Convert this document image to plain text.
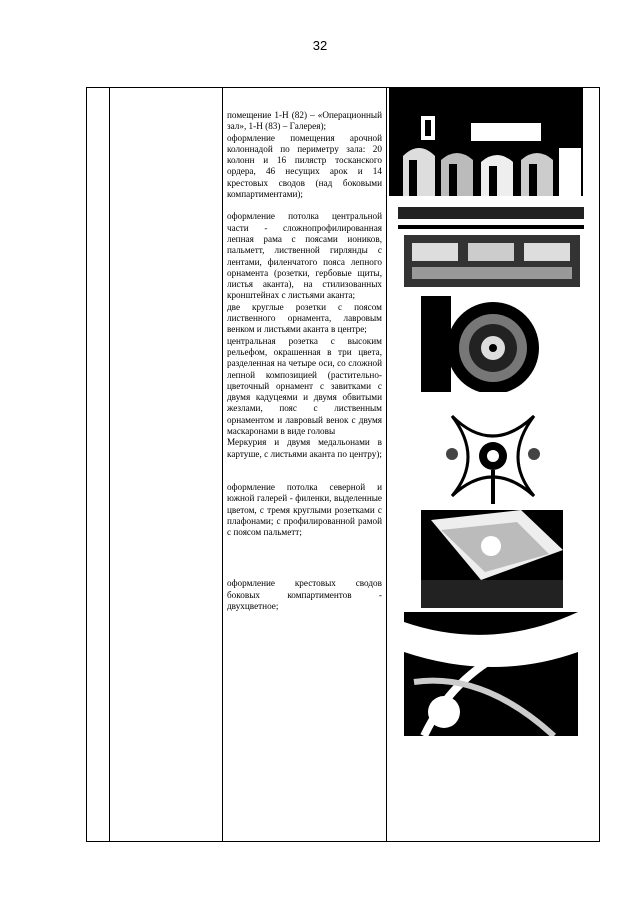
32

помещение 1-Н (82) – «Операционный зал», 1-Н (83) – Галерея);

оформление помещения арочной колоннадой по периметру зала: 20 колонн и 16 пилястр тосканского ордера, 46 несущих арок и 14 крестовых сводов (над боковыми компартиментами);

оформление потолка центральной части - сложнопрофилированная лепная рама с поясами иоников, пальметт, лиственной гирлянды с лентами, филенчатого пояса лепного орнамента (розетки, гербовые щиты, листья аканта), на стилизованных кронштейнах с листьями аканта;

две круглые розетки с поясом лиственного орнамента, лавровым венком и листьями аканта в центре;

центральная розетка с высоким рельефом, окрашенная в три цвета, разделенная на четыре оси, со сложной лепной композицией (растительно-цветочный орнамент с завитками с двумя кадуцеями и двумя обвитыми жезлами, пояс с лиственным орнаментом и лавровый венок с двумя маскаронами в виде головы

Меркурия и двумя медальонами в картуше, с листьями аканта по центру);

оформление потолка северной и южной галерей - филенки, выделенные цветом, с тремя круглыми розетками с плафонами; с профилированной рамой с поясом пальметт;

оформление крестовых сводов боковых компартиментов - двухцветное;
